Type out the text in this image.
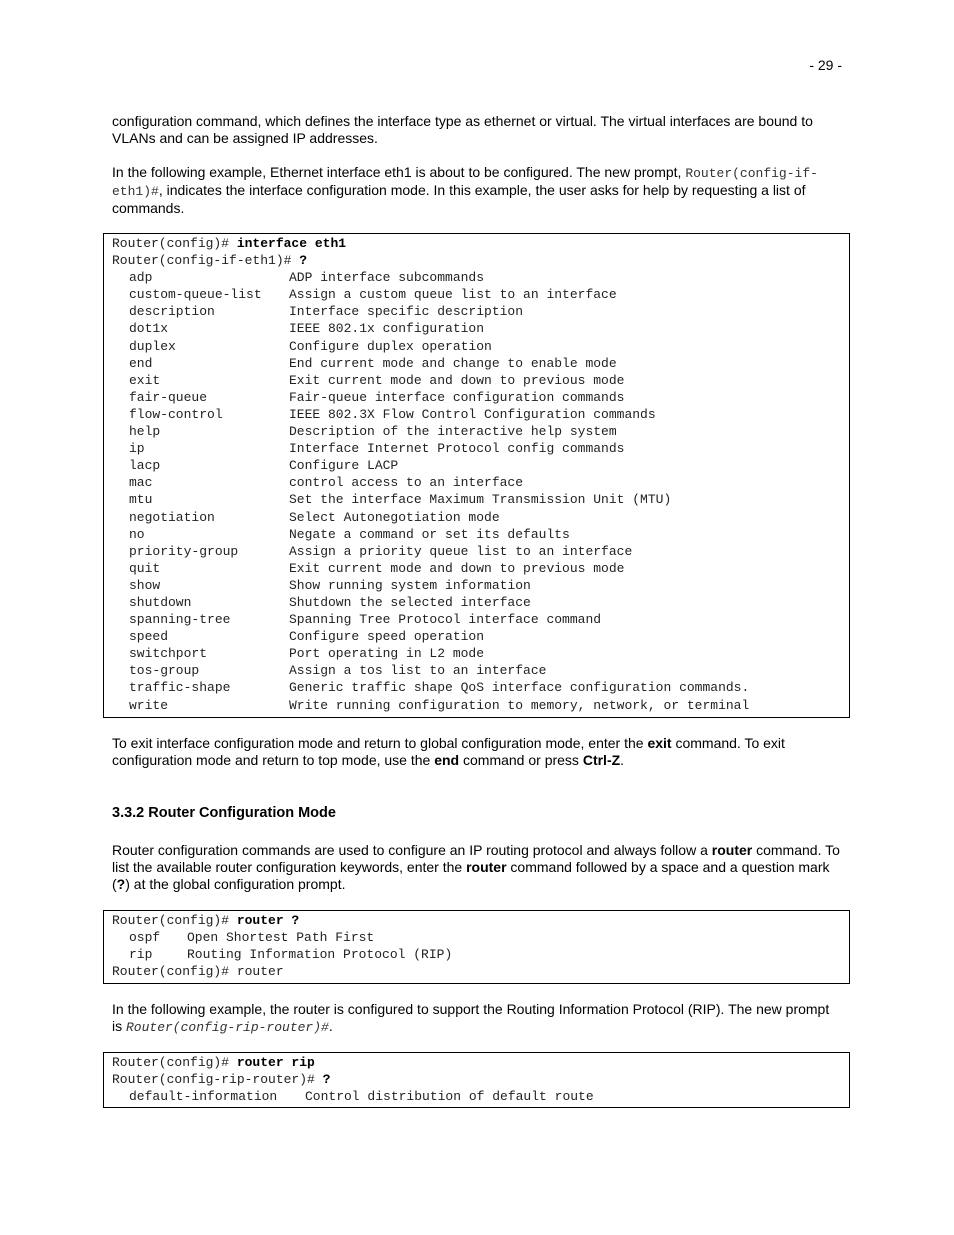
- 29 -

configuration command, which defines the interface type as ethernet or virtual. The virtual interfaces are bound to VLANs and can be assigned IP addresses.

In the following example, Ethernet interface eth1 is about to be configured. The new prompt, Router(config-if-eth1)#, indicates the interface configuration mode. In this example, the user asks for help by requesting a list of commands.

Router(config)# interface eth1
Router(config-if-eth1)# ?
adp	ADP interface subcommands
custom-queue-list	Assign a custom queue list to an interface
description	Interface specific description
dot1x	IEEE 802.1x configuration
duplex	Configure duplex operation
end	End current mode and change to enable mode
exit	Exit current mode and down to previous mode
fair-queue	Fair-queue interface configuration commands
flow-control	IEEE 802.3X Flow Control Configuration commands
help	Description of the interactive help system
ip	Interface Internet Protocol config commands
lacp	Configure LACP
mac	control access to an interface
mtu	Set the interface Maximum Transmission Unit (MTU)
negotiation	Select Autonegotiation mode
no	Negate a command or set its defaults
priority-group	Assign a priority queue list to an interface
quit	Exit current mode and down to previous mode
show	Show running system information
shutdown	Shutdown the selected interface
spanning-tree	Spanning Tree Protocol interface command
speed	Configure speed operation
switchport	Port operating in L2 mode
tos-group	Assign a tos list to an interface
traffic-shape	Generic traffic shape QoS interface configuration commands.
write	Write running configuration to memory, network, or terminal

To exit interface configuration mode and return to global configuration mode, enter the exit command. To exit configuration mode and return to top mode, use the end command or press Ctrl-Z.

3.3.2 Router Configuration Mode

Router configuration commands are used to configure an IP routing protocol and always follow a router command. To list the available router configuration keywords, enter the router command followed by a space and a question mark (?) at the global configuration prompt.

Router(config)# router ?
ospf	Open Shortest Path First
rip	Routing Information Protocol (RIP)
Router(config)# router

In the following example, the router is configured to support the Routing Information Protocol (RIP). The new prompt is Router(config-rip-router)#.

Router(config)# router rip
Router(config-rip-router)# ?
default-information	Control distribution of default route
